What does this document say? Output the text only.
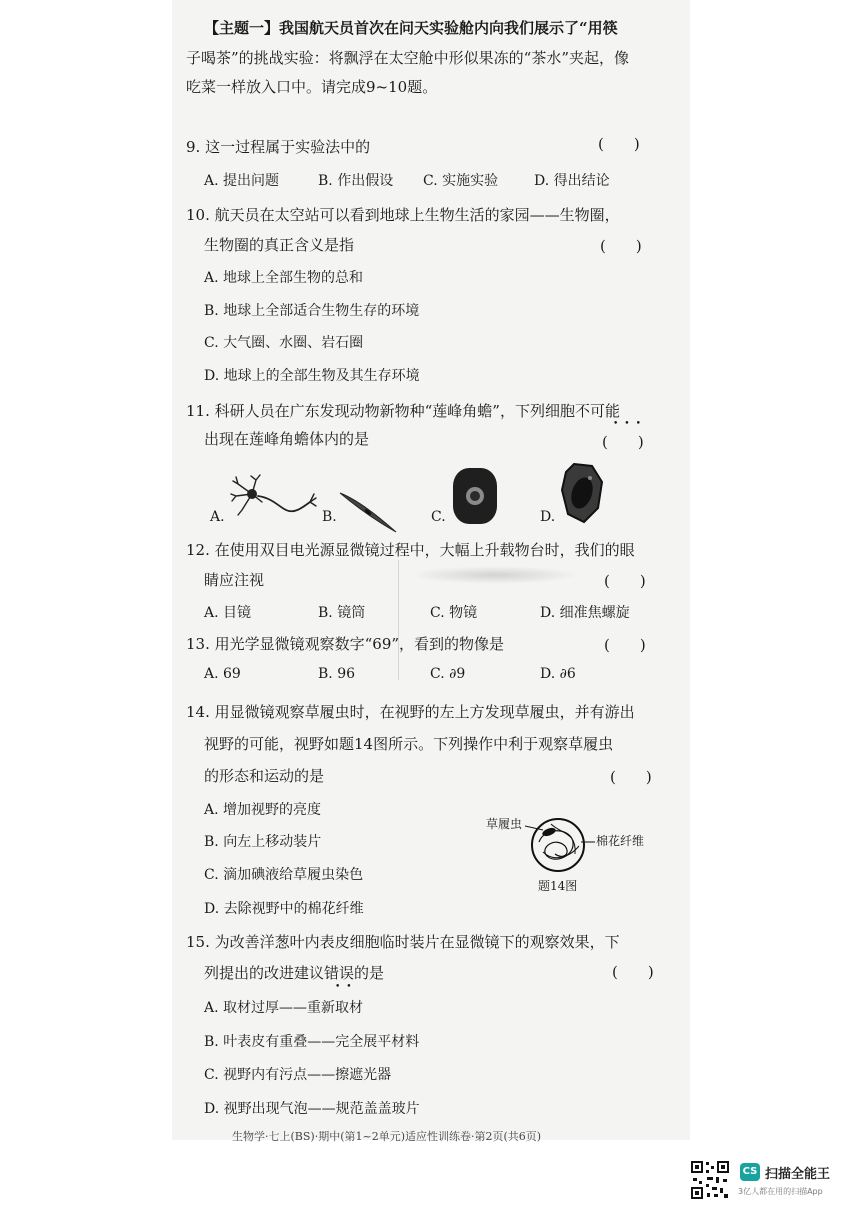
【主题一】我国航天员首次在问天实验舱内向我们展示了“用筷
子喝茶”的挑战实验：将飘浮在太空舱中形似果冻的“茶水”夹起，像
吃菜一样放入口中。请完成9~10题。
9. 这一过程属于实验法中的	(　　)
A. 提出问题	B. 作出假设 C. 实施实验	D. 得出结论
10. 航天员在太空站可以看到地球上生物生活的家园——生物圈，
生物圈的真正含义是指	(　　)
A. 地球上全部生物的总和
B. 地球上全部适合生物生存的环境
C. 大气圈、水圈、岩石圈
D. 地球上的全部生物及其生存环境
11. 科研人员在广东发现动物新物种“莲峰角蟾”，下列细胞不可能
•••
出现在莲峰角蟾体内的是	(　　)
A.	B.	C.	D.
12. 在使用双目电光源显微镜过程中，大幅上升载物台时，我们的眼
睛应注视	(　　)
A. 目镜	B. 镜筒	C. 物镜	D. 细准焦螺旋
13. 用光学显微镜观察数字“69”，看到的物像是	(　　)
A. 69	B. 96	C. ∂9	D. ∂6
14. 用显微镜观察草履虫时，在视野的左上方发现草履虫，并有游出
视野的可能，视野如题14图所示。下列操作中利于观察草履虫
的形态和运动的是	(　　)
A. 增加视野的亮度
B. 向左上移动装片
C. 滴加碘液给草履虫染色
D. 去除视野中的棉花纤维
草履虫
棉花纤维
题14图
15. 为改善洋葱叶内表皮细胞临时装片在显微镜下的观察效果，下
列提出的改进建议错误的是
••
(　　)
A. 取材过厚——重新取材
B. 叶表皮有重叠——完全展平材料
C. 视野内有污点——擦遮光器
D. 视野出现气泡——规范盖盖玻片
生物学·七上(BS)·期中(第1~2单元)适应性训练卷·第2页(共6页)
CS 扫描全能王
3亿人都在用的扫描App
